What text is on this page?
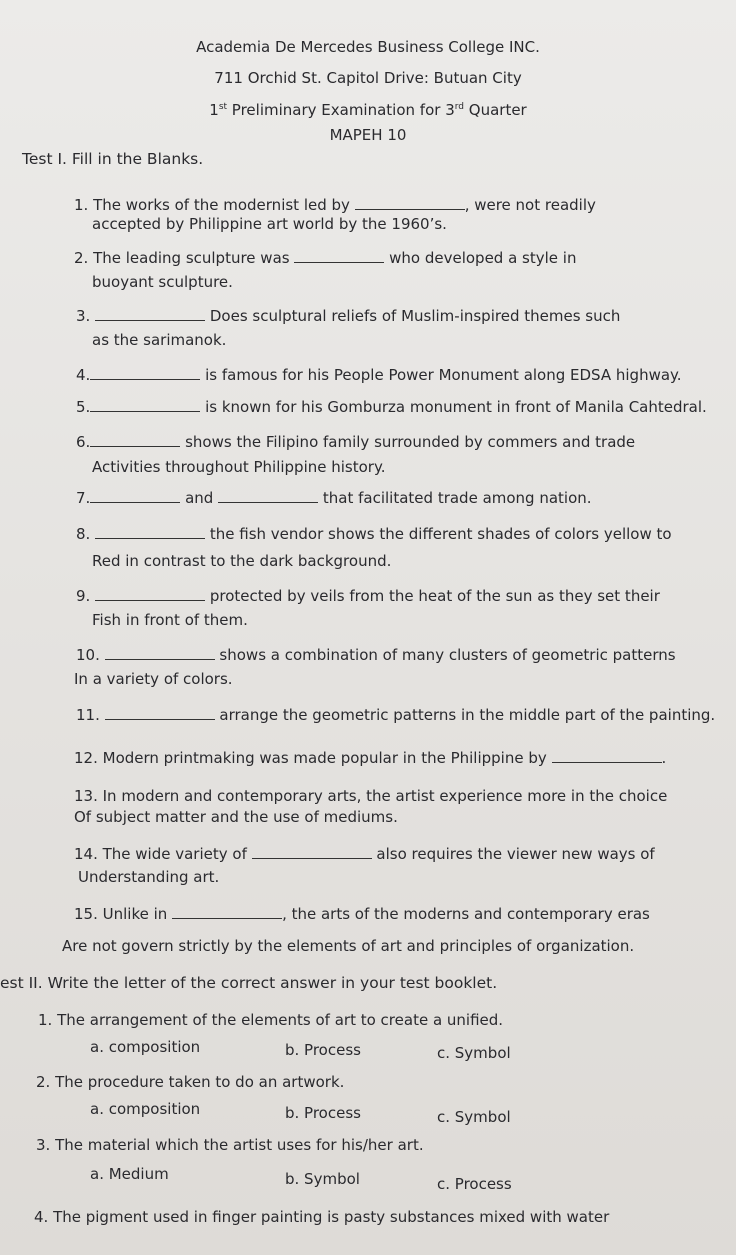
Academia De Mercedes Business College INC.
711 Orchid St. Capitol Drive: Butuan City
1st Preliminary Examination for 3rd Quarter
MAPEH 10
Test I. Fill in the Blanks.
1. The works of the modernist led by	, were not readily
accepted by Philippine art world by the 1960’s.
2. The leading sculpture was	who developed a style in
buoyant sculpture.
3.	Does sculptural reliefs of Muslim-inspired themes such
as the sarimanok.
4.	is famous for his People Power Monument along EDSA highway.
5.	is known for his Gomburza monument in front of Manila Cahtedral.
6.	shows the Filipino family surrounded by commers and trade
Activities throughout Philippine history.
7.	and	that facilitated trade among nation.
8.	the fish vendor shows the different shades of colors yellow to
Red in contrast to the dark background.
9.	protected by veils from the heat of the sun as they set their
Fish in front of them.
10.	shows a combination of many clusters of geometric patterns
In a variety of colors.
11.	arrange the geometric patterns in the middle part of the painting.
12. Modern printmaking was made popular in the Philippine by	.
13. In modern and contemporary arts, the artist experience more in the choice
Of subject matter and the use of mediums.
14. The wide variety of	also requires the viewer new ways of
Understanding art.
15. Unlike in	, the arts of the moderns and contemporary eras
Are not govern strictly by the elements of art and principles of organization.
est II. Write the letter of the correct answer in your test booklet.
1. The arrangement of the elements of art to create a unified.
a. composition	b. Process	c. Symbol
2. The procedure taken to do an artwork.
a. composition	b. Process	c. Symbol
3. The material which the artist uses for his/her art.
a. Medium	b. Symbol	c. Process
4. The pigment used in finger painting is pasty substances mixed with water
